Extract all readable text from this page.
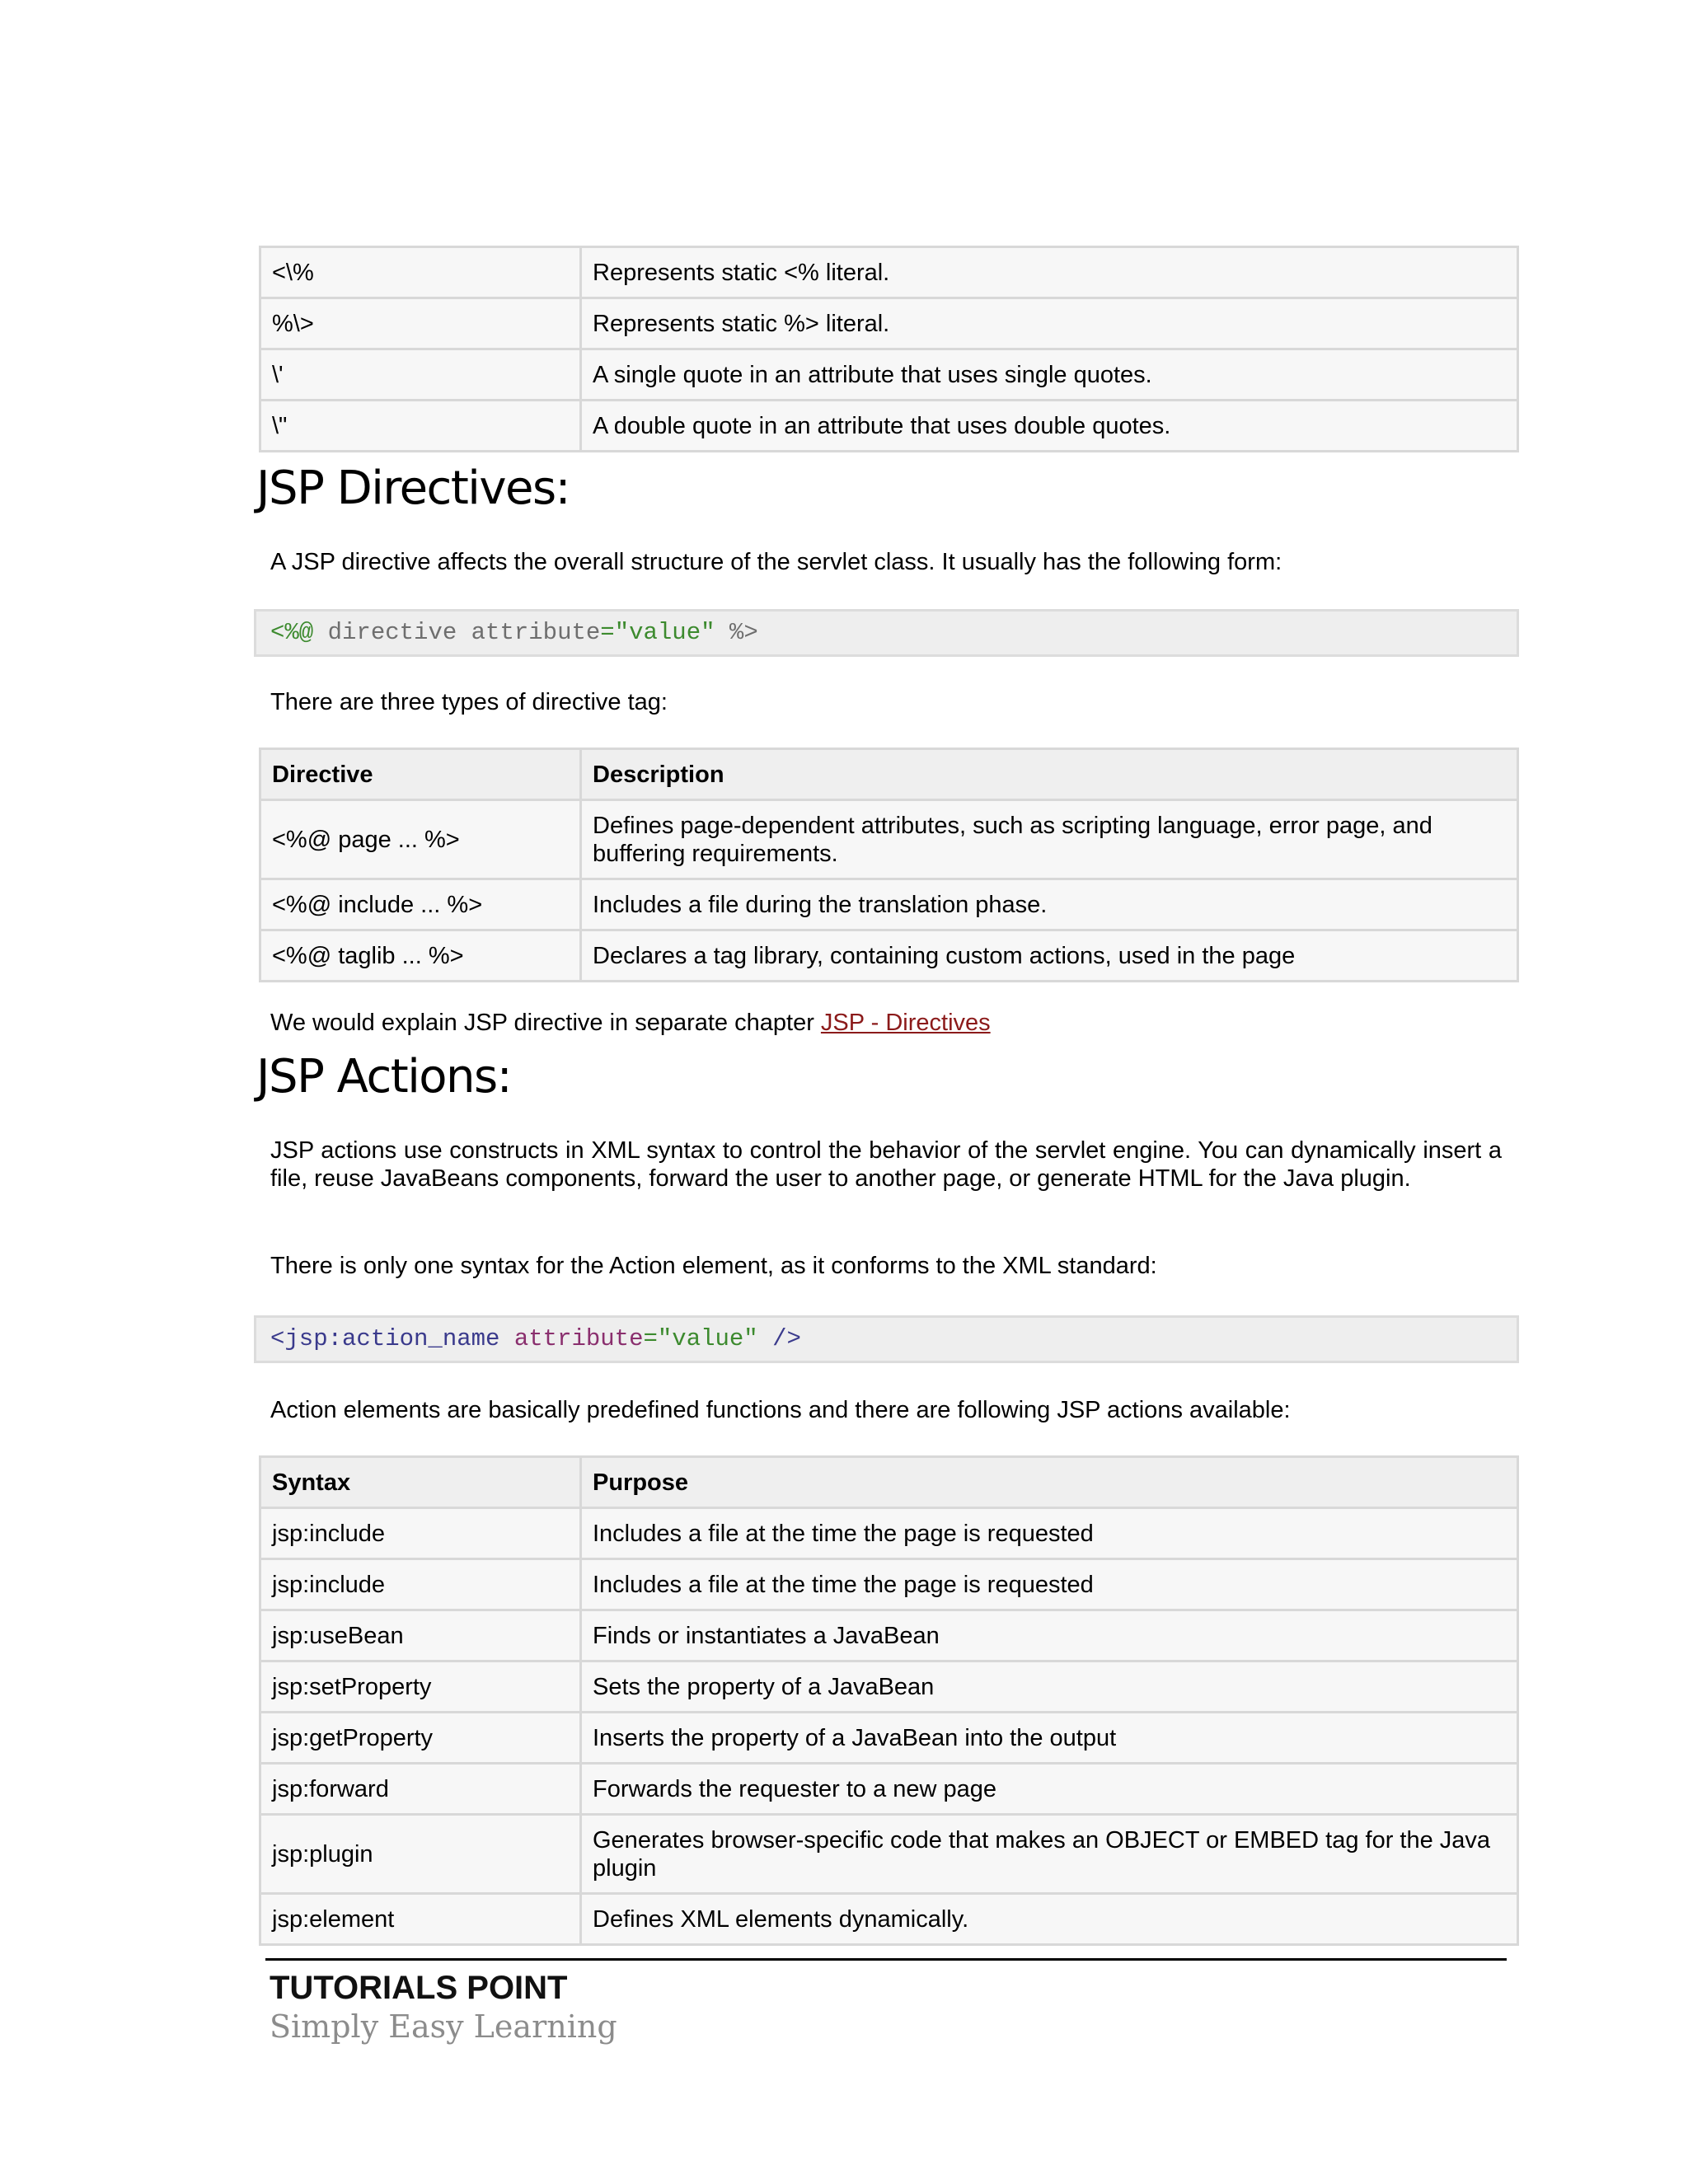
<\%	Represents static <% literal.
%\>	Represents static %> literal.
\'	A single quote in an attribute that uses single quotes.
\"	A double quote in an attribute that uses double quotes.
JSP Directives:

A JSP directive affects the overall structure of the servlet class. It usually has the following form:

<%@ directive attribute="value" %>

There are three types of directive tag:

Directive	Description
<%@ page ... %>	Defines page-dependent attributes, such as scripting language, error page, and buffering requirements.
<%@ include ... %>	Includes a file during the translation phase.
<%@ taglib ... %>	Declares a tag library, containing custom actions, used in the page

We would explain JSP directive in separate chapter JSP - Directives

JSP Actions:

JSP actions use constructs in XML syntax to control the behavior of the servlet engine. You can dynamically insert a file, reuse JavaBeans components, forward the user to another page, or generate HTML for the Java plugin.

There is only one syntax for the Action element, as it conforms to the XML standard:

<jsp:action_name attribute="value" />

Action elements are basically predefined functions and there are following JSP actions available:

Syntax	Purpose
jsp:include	Includes a file at the time the page is requested
jsp:include	Includes a file at the time the page is requested
jsp:useBean	Finds or instantiates a JavaBean
jsp:setProperty	Sets the property of a JavaBean
jsp:getProperty	Inserts the property of a JavaBean into the output
jsp:forward	Forwards the requester to a new page
jsp:plugin	Generates browser-specific code that makes an OBJECT or EMBED tag for the Java plugin
jsp:element	Defines XML elements dynamically.
TUTORIALS POINT
Simply Easy Learning
